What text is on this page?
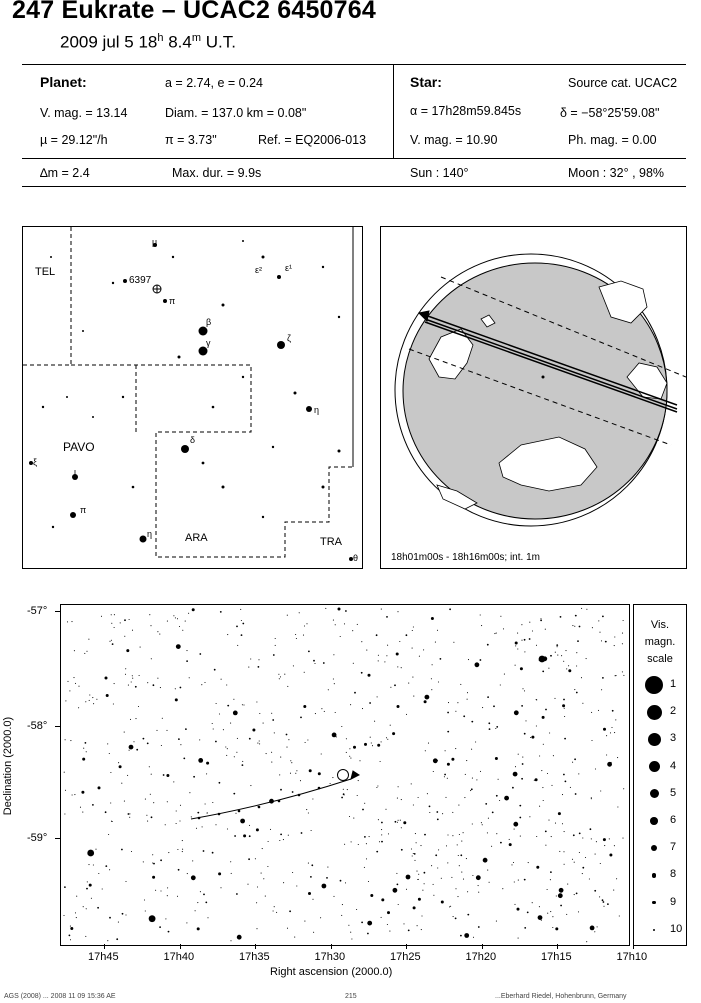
247 Eukrate – UCAC2 6450764
2009 jul 5 18$^h$ 8.4$^m$ U.T.
Planet:	a = 2.74, e = 0.24
V. mag. = 13.14	Diam. = 137.0 km = 0.08"
µ = 29.12"/h	π = 3.73"	Ref. = EQ2006-013
Star:	Source cat. UCAC2
α = 17h28m59.845s	δ = −58°25'59.08"
V. mag. = 10.90	Ph. mag. = 0.00
∆m = 2.4	Max. dur. = 9.9s	Sun : 140°	Moon : 32° , 98%
TEL
PAVO
ARA	TRA
6397
µ
π
β
γ
ε²	ε¹
ζ
η
δ
ι
π
η
ξ
θ	18h01m00s - 18h16m00s; int. 1m
Declination (2000.0)
-57°
-58°
-59°
17h45	17h40	17h35	17h30	17h25	17h20	17h15	17h10
Right ascension (2000.0)
Vis.
magn.
scale
1
2
3
4
5
6
7
8
9
10
AGS (2008) ... 2008 11 09 15:36 AE	215	...Eberhard Riedel, Hohenbrunn, Germany
